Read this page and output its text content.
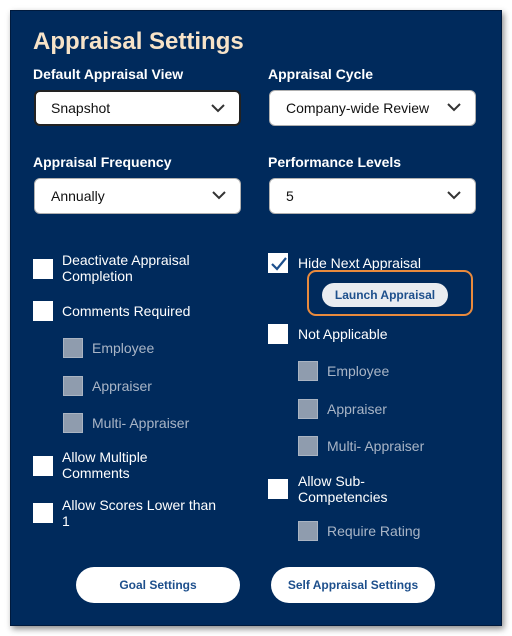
Appraisal Settings
Default Appraisal View
Snapshot
Appraisal Frequency
Annually
Appraisal Cycle
Company-wide Review
Performance Levels
5
Deactivate Appraisal Completion
Comments Required
Employee
Appraiser
Multi- Appraiser
Allow Multiple Comments
Allow Scores Lower than 1
Hide Next Appraisal
Launch Appraisal
Not Applicable
Employee
Appraiser
Multi- Appraiser
Allow Sub-Competencies
Require Rating
Goal Settings	Self Appraisal Settings
